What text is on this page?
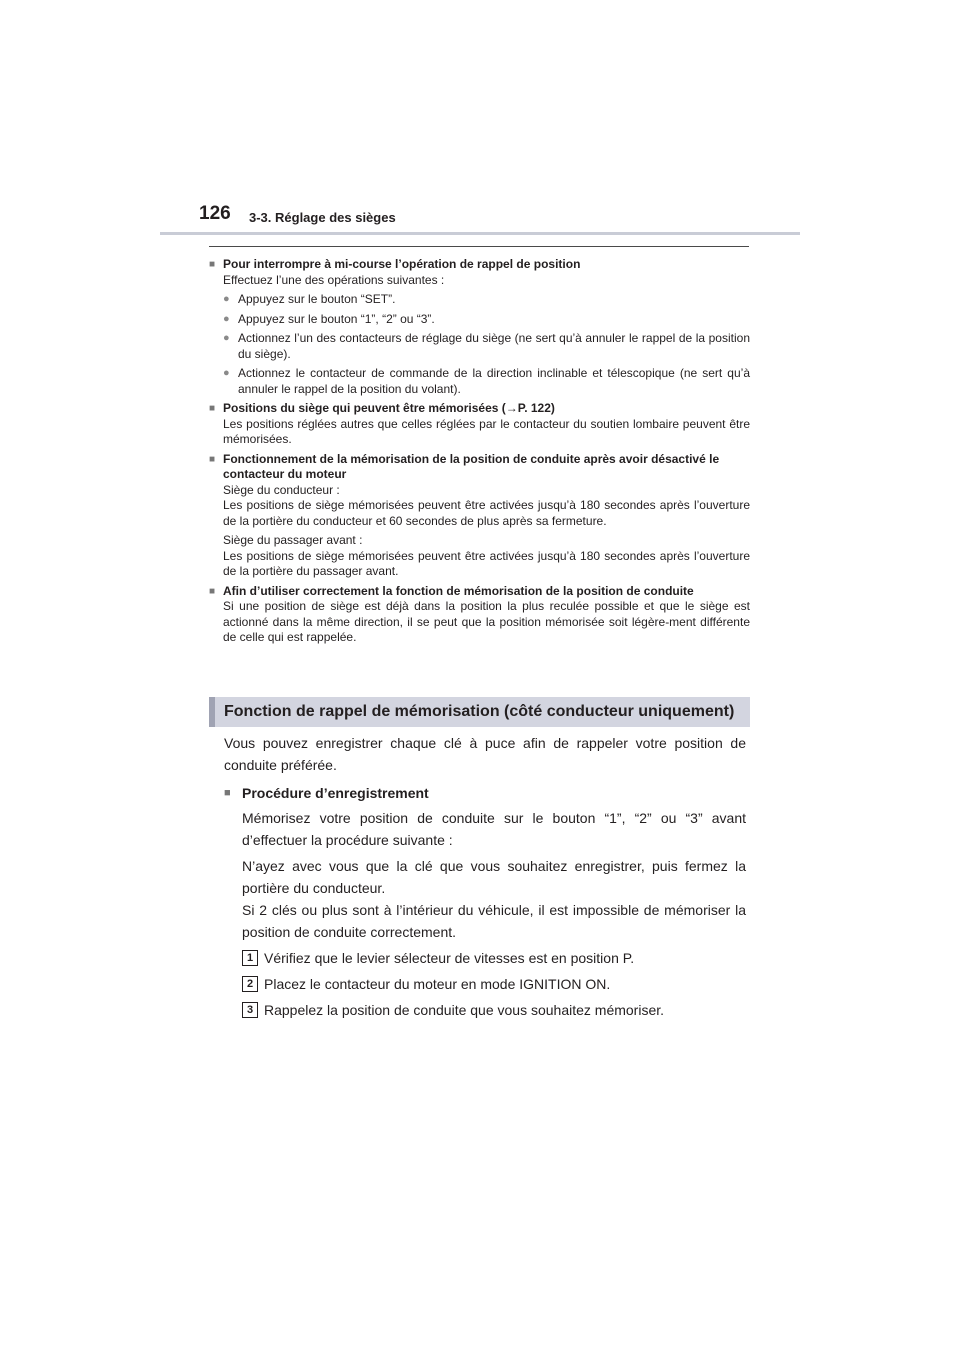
126 3-3. Réglage des sièges
■ Pour interrompre à mi-course l’opération de rappel de position

Effectuez l’une des opérations suivantes :

● Appuyez sur le bouton “SET”.
● Appuyez sur le bouton “1”, “2” ou “3”.
● Actionnez l’un des contacteurs de réglage du siège (ne sert qu’à annuler le rappel de la position du siège).
● Actionnez le contacteur de commande de la direction inclinable et télescopique (ne sert qu’à annuler le rappel de la position du volant).
■ Positions du siège qui peuvent être mémorisées (→P. 122)

Les positions réglées autres que celles réglées par le contacteur du soutien lombaire peuvent être mémorisées.

■ Fonctionnement de la mémorisation de la position de conduite après avoir désactivé le contacteur du moteur

Siège du conducteur :
Les positions de siège mémorisées peuvent être activées jusqu’à 180 secondes après l’ouverture de la portière du conducteur et 60 secondes de plus après sa fermeture.

Siège du passager avant :
Les positions de siège mémorisées peuvent être activées jusqu’à 180 secondes après l’ouverture de la portière du passager avant.

■ Afin d’utiliser correctement la fonction de mémorisation de la position de conduite

Si une position de siège est déjà dans la position la plus reculée possible et que le siège est actionné dans la même direction, il se peut que la position mémorisée soit légère-ment différente de celle qui est rappelée.

Fonction de rappel de mémorisation (côté conducteur uniquement)

Vous pouvez enregistrer chaque clé à puce afin de rappeler votre position de conduite préférée.

■ Procédure d’enregistrement

Mémorisez votre position de conduite sur le bouton “1”, “2” ou “3” avant d’effectuer la procédure suivante :

N’ayez avec vous que la clé que vous souhaitez enregistrer, puis fermez la portière du conducteur.
Si 2 clés ou plus sont à l’intérieur du véhicule, il est impossible de mémoriser la position de conduite correctement.

1 Vérifiez que le levier sélecteur de vitesses est en position P.
2 Placez le contacteur du moteur en mode IGNITION ON.
3 Rappelez la position de conduite que vous souhaitez mémoriser.
